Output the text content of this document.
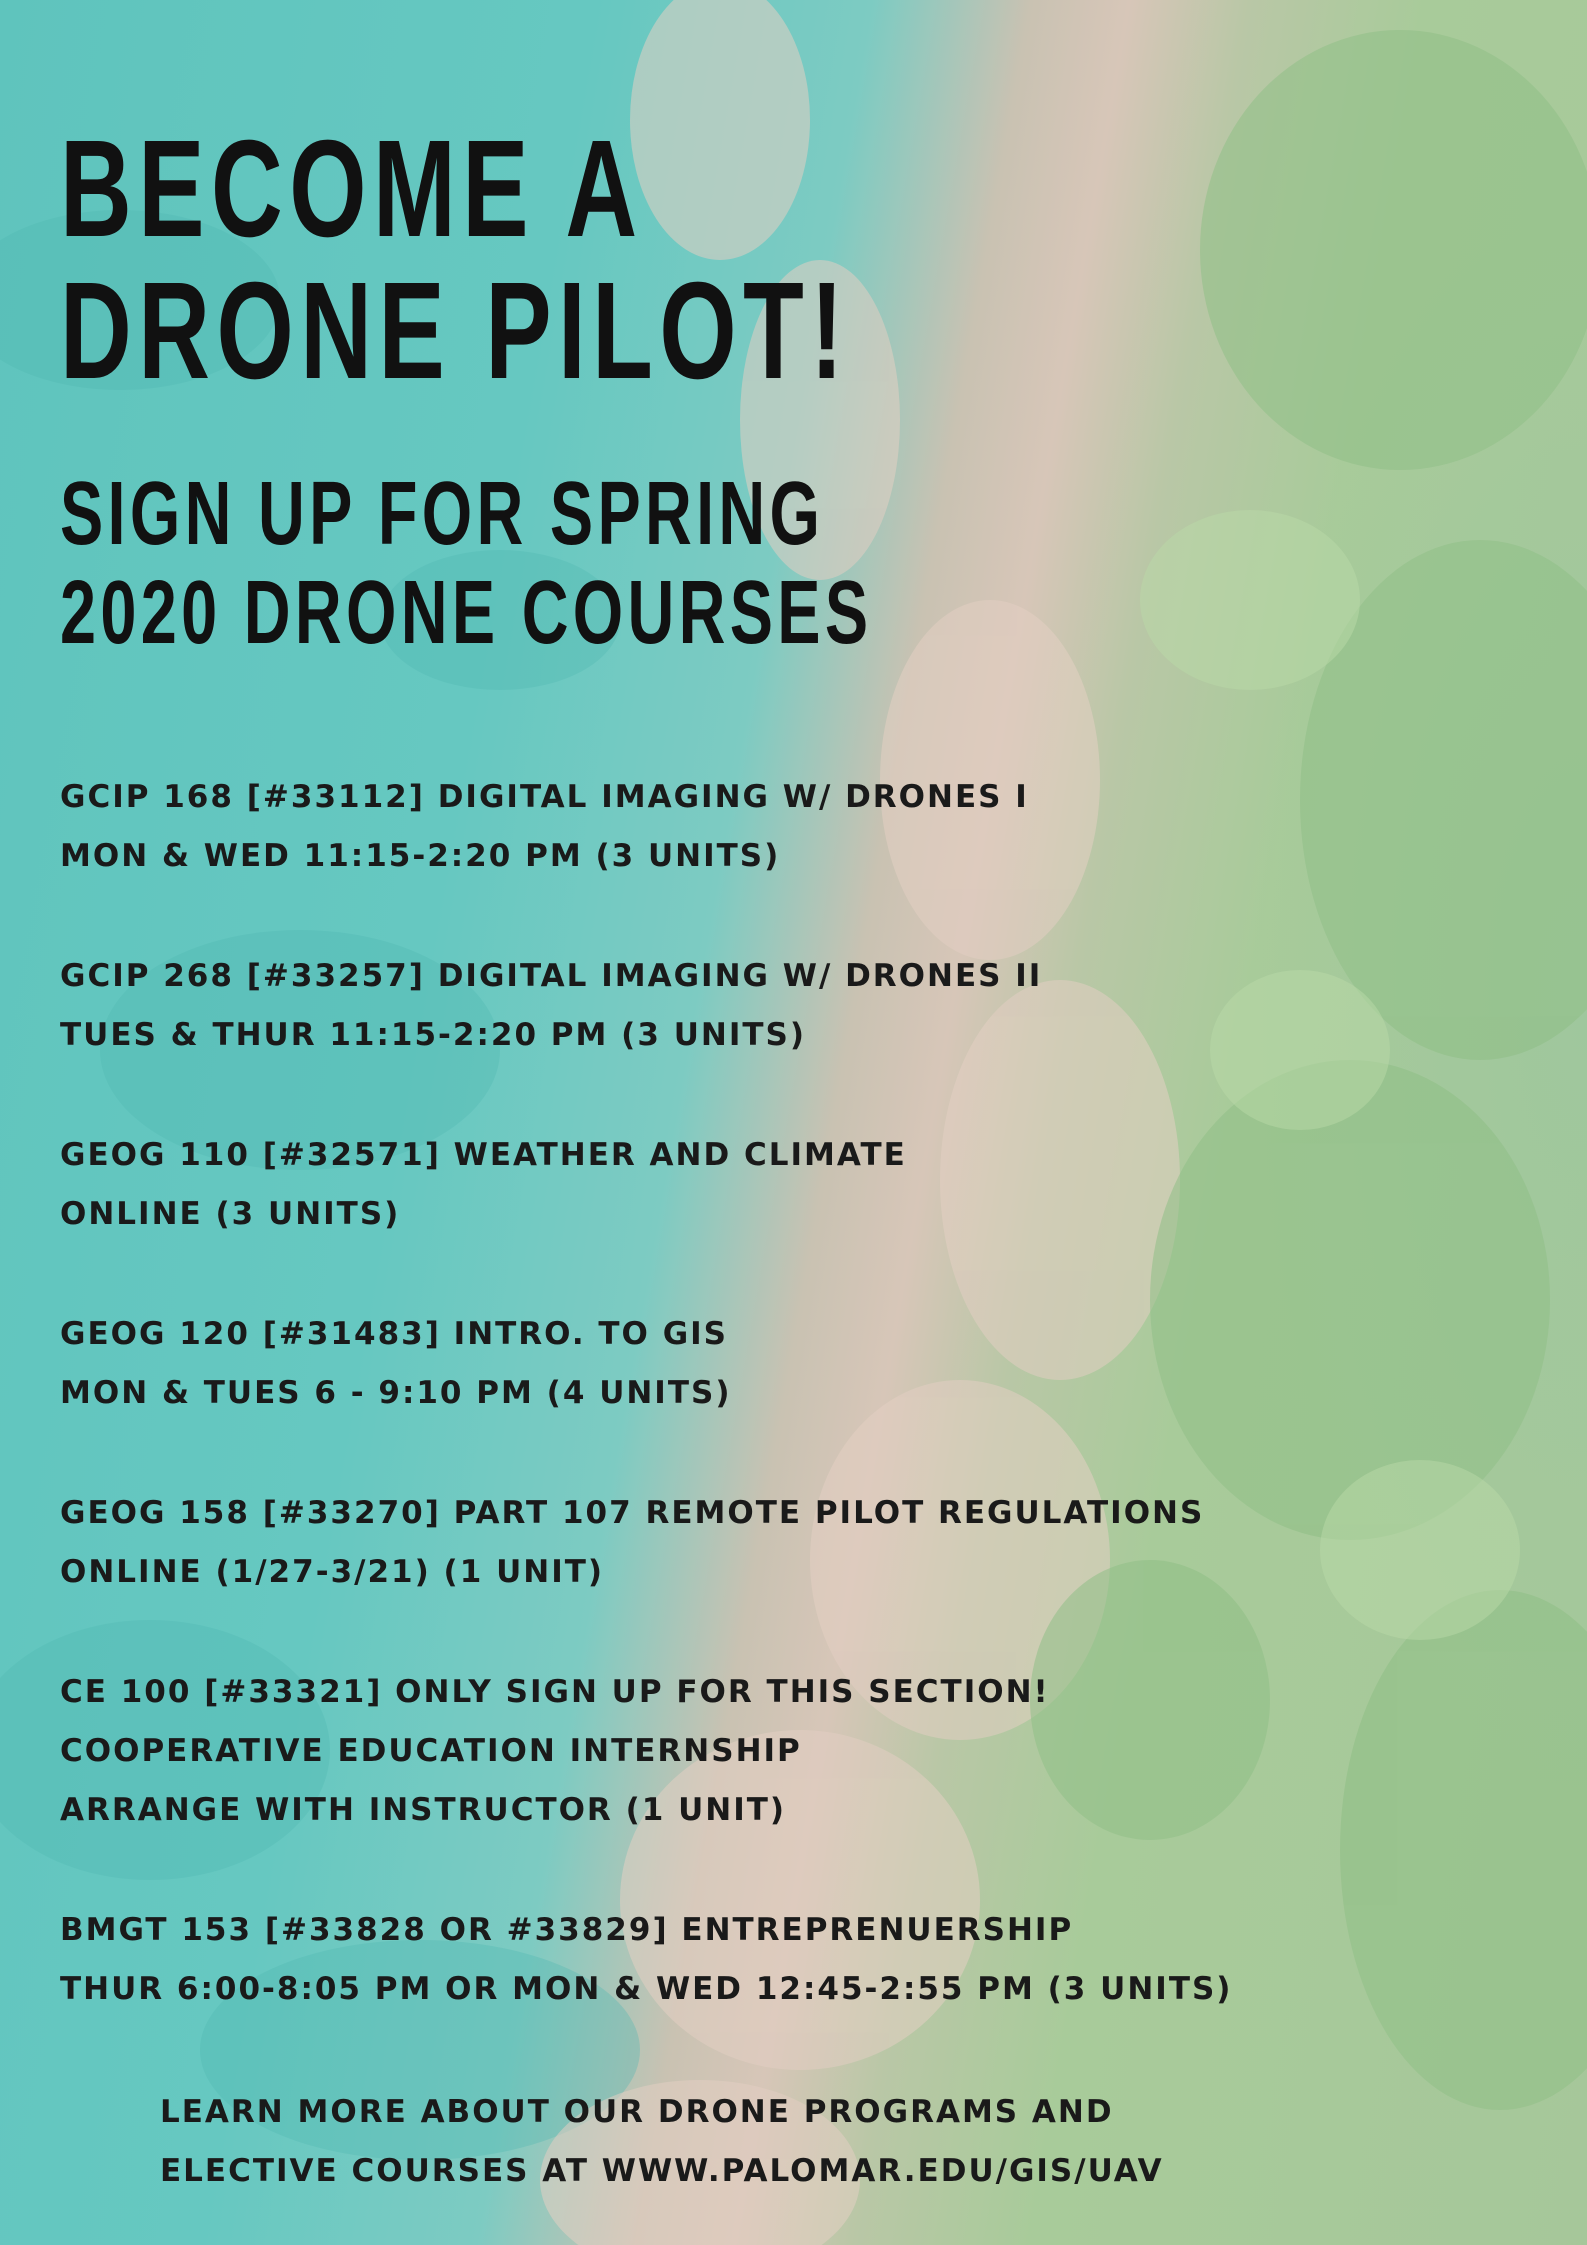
BECOME A
DRONE PILOT!
SIGN UP FOR SPRING
2020 DRONE COURSES
GCIP 168 [#33112] DIGITAL IMAGING W/ DRONES I
MON & WED 11:15-2:20 PM (3 UNITS)
GCIP 268 [#33257] DIGITAL IMAGING W/ DRONES II
TUES & THUR 11:15-2:20 PM (3 UNITS)
GEOG 110 [#32571] WEATHER AND CLIMATE
ONLINE (3 UNITS)
GEOG 120 [#31483] INTRO. TO GIS
MON & TUES 6 - 9:10 PM (4 UNITS)
GEOG 158 [#33270] PART 107 REMOTE PILOT REGULATIONS
ONLINE (1/27-3/21) (1 UNIT)
CE 100 [#33321] ONLY SIGN UP FOR THIS SECTION!
COOPERATIVE EDUCATION INTERNSHIP
ARRANGE WITH INSTRUCTOR (1 UNIT)
BMGT 153 [#33828 OR #33829] ENTREPRENUERSHIP
THUR 6:00-8:05 PM OR MON & WED 12:45-2:55 PM (3 UNITS)
LEARN MORE ABOUT OUR DRONE PROGRAMS AND
ELECTIVE COURSES AT WWW.PALOMAR.EDU/GIS/UAV
